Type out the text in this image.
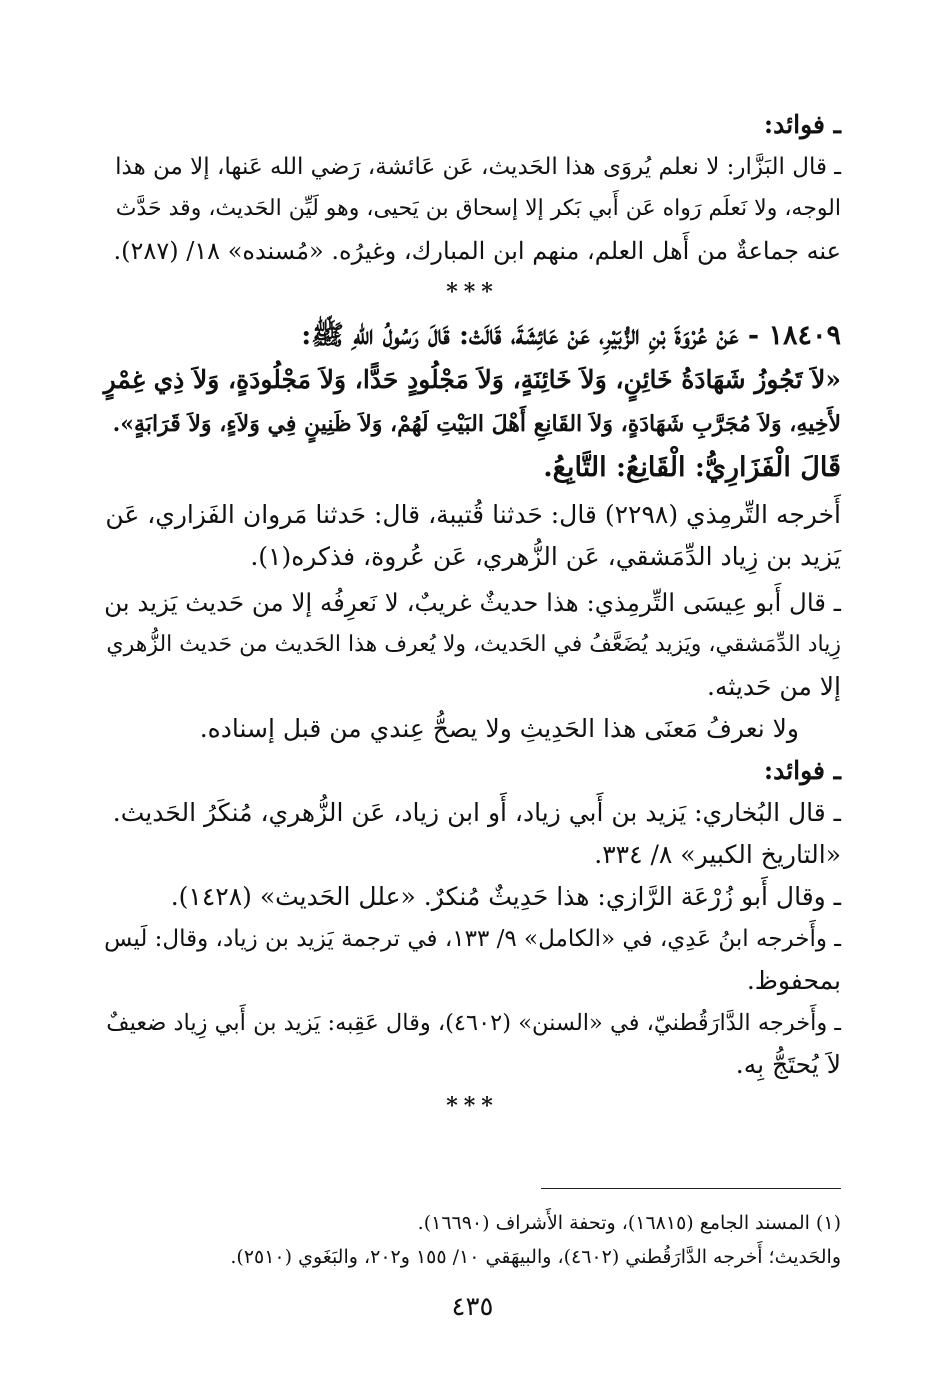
ـ فوائد:

ـ قال البَزَّار: لا نعلم يُروَى هذا الحَديث، عَن عَائشة، رَضي الله عَنها، إلا من هذا
الوجه، ولا نَعلَم رَواه عَن أَبي بَكر إلا إسحاق بن يَحيى، وهو لَيِّن الحَديث، وقد حَدَّث
عنه جماعةٌ من أَهل العلم، منهم ابن المبارك، وغيرُه. «مُسنده» ١٨/ (٢٨٧).

***

١٨٤٠٩ - عَنْ عُرْوَةَ بْنِ الزُّبَيْرِ، عَنْ عَائِشَةَ، قَالَتْ: قَالَ رَسُولُ اللهِ ﷺ:
«لاَ تَجُوزُ شَهَادَةُ خَائِنٍ، وَلاَ خَائِنَةٍ، وَلاَ مَجْلُودٍ حَدًّا، وَلاَ مَجْلُودَةٍ، وَلاَ ذِي غِمْرٍ
لأَخِيهِ، وَلاَ مُجَرَّبِ شَهَادَةٍ، وَلاَ القَانِعِ أَهْلَ البَيْتِ لَهُمْ، وَلاَ ظَنِينٍ فِي وَلاَءٍ، وَلاَ قَرَابَةٍ».
قَالَ الْفَزَارِيُّ: الْقَانِعُ: التَّابِعُ.

أَخرجه التِّرمِذي (٢٢٩٨) قال: حَدثنا قُتيبة، قال: حَدثنا مَروان الفَزاري، عَن
يَزيد بن زِياد الدِّمَشقي، عَن الزُّهري، عَن عُروة، فذكره(١).

ـ قال أَبو عِيسَى التِّرمِذي: هذا حديثٌ غريبٌ، لا نَعرِفُه إلا من حَديث يَزيد بن
زِياد الدِّمَشقي، ويَزيد يُضَعَّفُ في الحَديث، ولا يُعرف هذا الحَديث من حَديث الزُّهري
إلا من حَديثه.
ولا نعرفُ مَعنَى هذا الحَدِيثِ ولا يصحُّ عِندي من قبل إسناده.

ـ فوائد:

ـ قال البُخاري: يَزيد بن أَبي زياد، أَو ابن زياد، عَن الزُّهري، مُنكَرُ الحَديث.
«التاريخ الكبير» ٨/ ٣٣٤.

ـ وقال أَبو زُرْعَة الرَّازي: هذا حَدِيثٌ مُنكرٌ. «علل الحَديث» (١٤٢٨).

ـ وأَخرجه ابنُ عَدِي، في «الكامل» ٩/ ١٣٣، في ترجمة يَزيد بن زياد، وقال: لَيس
بمحفوظ.

ـ وأَخرجه الدَّارَقُطنيّ، في «السنن» (٤٦٠٢)، وقال عَقِبه: يَزيد بن أَبي زِياد ضعيفٌ
لاَ يُحتَجُّ بِه.

***
(١) المسند الجامع (١٦٨١٥)، وتحفة الأَشراف (١٦٦٩٠).
والحَديث؛ أَخرجه الدَّارَقُطني (٤٦٠٢)، والبيهَقي ١٠/ ١٥٥ و٢٠٢، والبَغَوي (٢٥١٠).
٤٣٥
